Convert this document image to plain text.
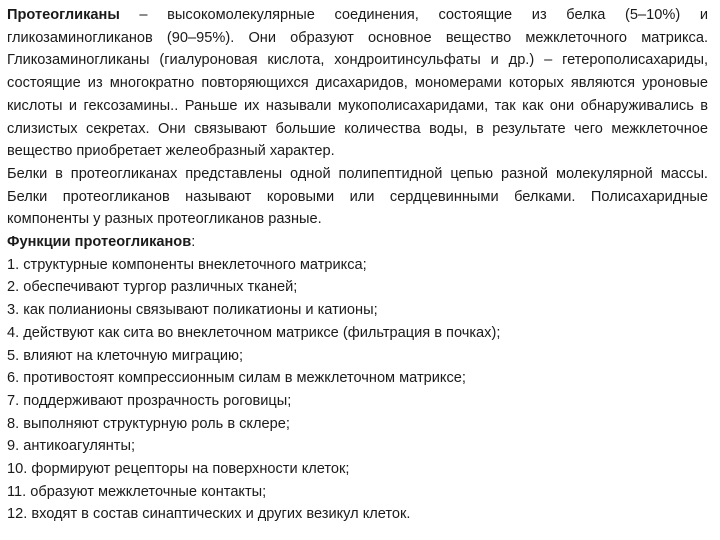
Протеогликаны – высокомолекулярные соединения, состоящие из белка (5–10%) и гликозаминогликанов (90–95%). Они образуют основное вещество межклеточного матрикса. Гликозаминогликаны (гиалуроновая кислота, хондроитинсульфаты и др.) – гетерополисахариды, состоящие из многократно повторяющихся дисахаридов, мономерами которых являются уроновые кислоты и гексозамины.. Раньше их называли мукополисахаридами, так как они обнаруживались в слизистых секретах. Они связывают большие количества воды, в результате чего межклеточное вещество приобретает желеобразный характер.

Белки в протеогликанах представлены одной полипептидной цепью разной молекулярной массы. Белки протеогликанов называют коровыми или сердцевинными белками. Полисахаридные компоненты у разных протеогликанов разные.

Функции протеогликанов:
1. структурные компоненты внеклеточного матрикса;
2. обеспечивают тургор различных тканей;
3. как полианионы связывают поликатионы и катионы;
4. действуют как сита во внеклеточном матриксе (фильтрация в почках);
5. влияют на клеточную миграцию;
6. противостоят компрессионным силам в межклеточном матриксе;
7. поддерживают прозрачность роговицы;
8. выполняют структурную роль в склере;
9. антикоагулянты;
10. формируют рецепторы на поверхности клеток;
11. образуют межклеточные контакты;
12. входят в состав синаптических и других везикул клеток.
